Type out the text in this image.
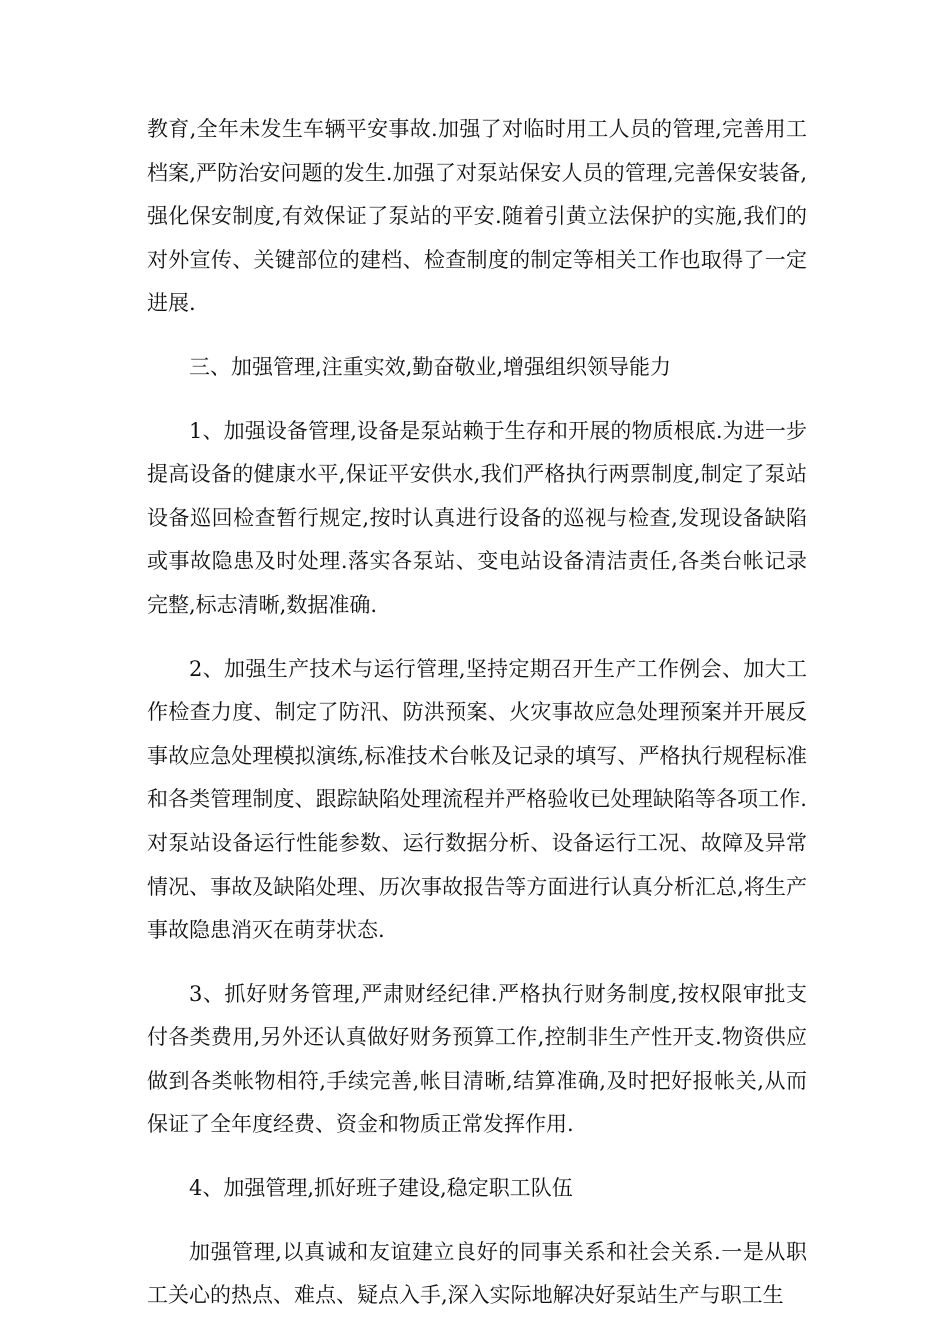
教育,全年未发生车辆平安事故.加强了对临时用工人员的管理,完善用工档案,严防治安问题的发生.加强了对泵站保安人员的管理,完善保安装备,强化保安制度,有效保证了泵站的平安.随着引黄立法保护的实施,我们的对外宣传、关键部位的建档、检查制度的制定等相关工作也取得了一定进展.

三、加强管理,注重实效,勤奋敬业,增强组织领导能力

1、加强设备管理,设备是泵站赖于生存和开展的物质根底.为进一步提高设备的健康水平,保证平安供水,我们严格执行两票制度,制定了泵站设备巡回检查暂行规定,按时认真进行设备的巡视与检查,发现设备缺陷或事故隐患及时处理.落实各泵站、变电站设备清洁责任,各类台帐记录完整,标志清晰,数据准确.

2、加强生产技术与运行管理,坚持定期召开生产工作例会、加大工作检查力度、制定了防汛、防洪预案、火灾事故应急处理预案并开展反事故应急处理模拟演练,标准技术台帐及记录的填写、严格执行规程标准和各类管理制度、跟踪缺陷处理流程并严格验收已处理缺陷等各项工作.对泵站设备运行性能参数、运行数据分析、设备运行工况、故障及异常情况、事故及缺陷处理、历次事故报告等方面进行认真分析汇总,将生产事故隐患消灭在萌芽状态.

3、抓好财务管理,严肃财经纪律.严格执行财务制度,按权限审批支付各类费用,另外还认真做好财务预算工作,控制非生产性开支.物资供应做到各类帐物相符,手续完善,帐目清晰,结算准确,及时把好报帐关,从而保证了全年度经费、资金和物质正常发挥作用.

4、加强管理,抓好班子建设,稳定职工队伍

加强管理,以真诚和友谊建立良好的同事关系和社会关系.一是从职工关心的热点、难点、疑点入手,深入实际地解决好泵站生产与职工生
